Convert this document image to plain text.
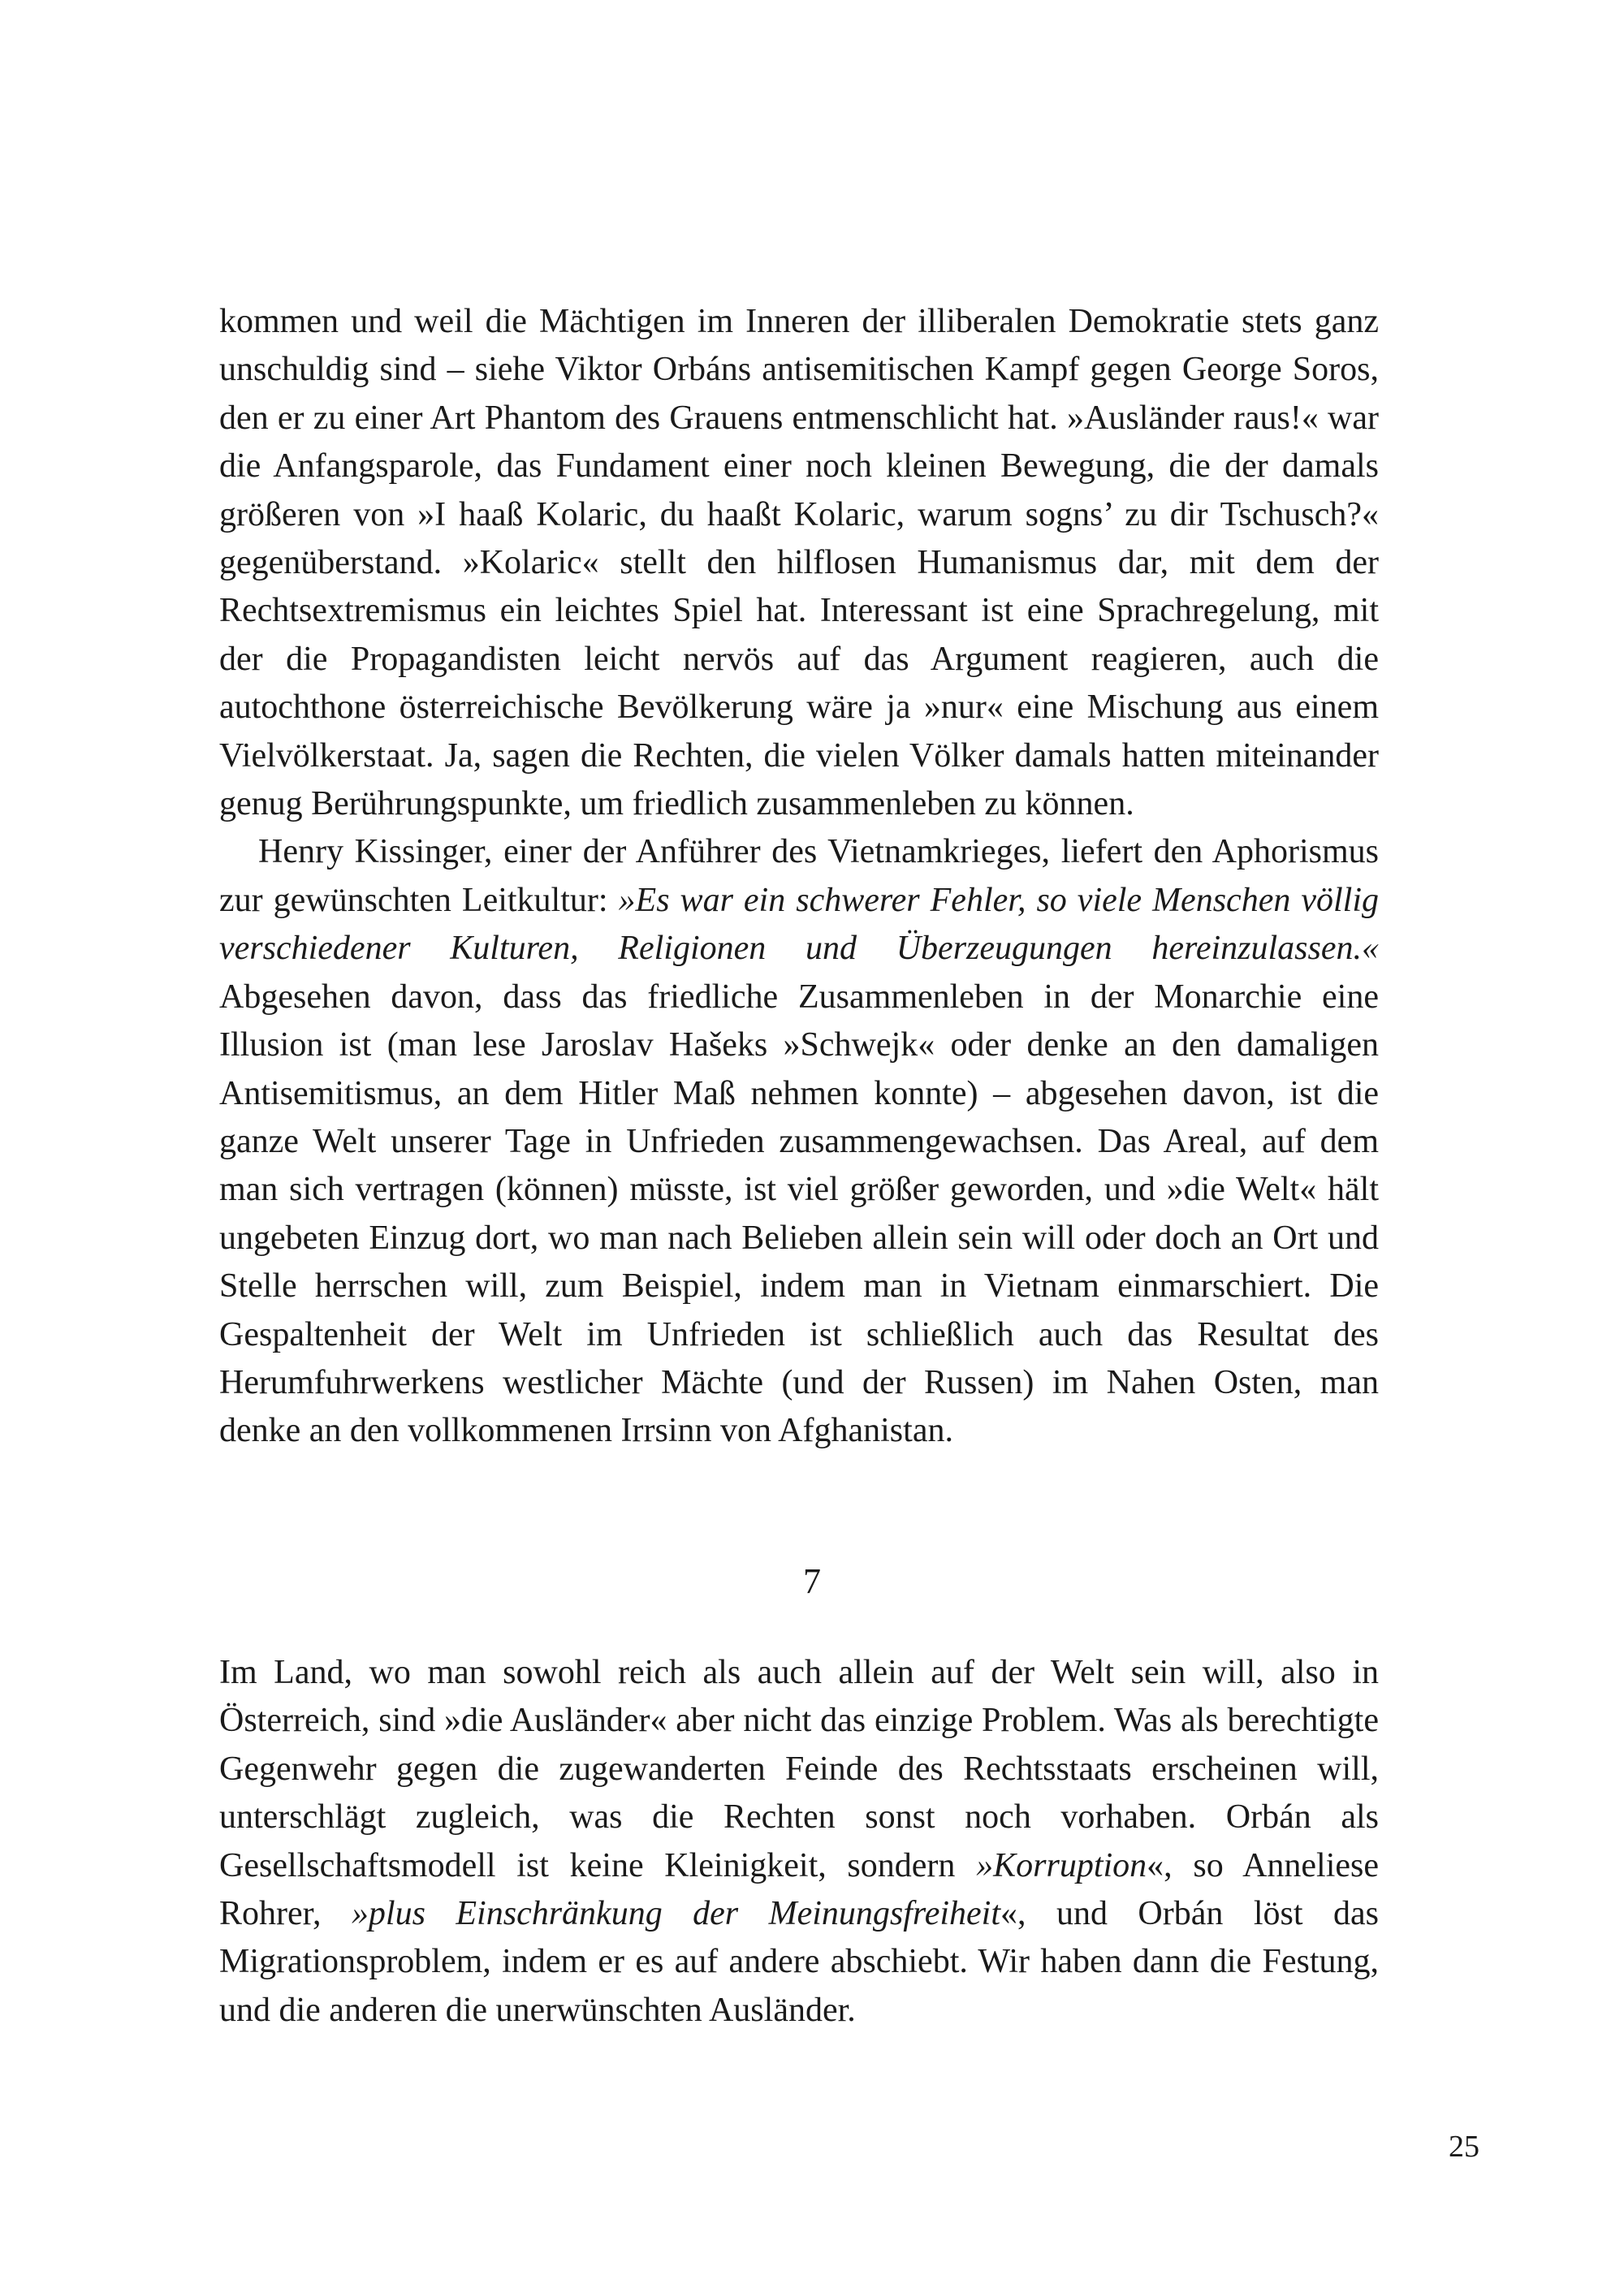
kommen und weil die Mächtigen im Inneren der illiberalen Demokratie stets ganz unschuldig sind – siehe Viktor Orbáns antisemitischen Kampf gegen George Soros, den er zu einer Art Phantom des Grauens entmenschlicht hat. »Ausländer raus!« war die Anfangsparole, das Fundament einer noch kleinen Bewegung, die der damals größeren von »I haaß Kolaric, du haaßt Kolaric, warum sogns’ zu dir Tschusch?« gegenüberstand. »Kolaric« stellt den hilflosen Humanismus dar, mit dem der Rechtsextremismus ein leichtes Spiel hat. Interessant ist eine Sprachregelung, mit der die Propagandisten leicht nervös auf das Argument reagieren, auch die autochthone österreichische Bevölkerung wäre ja »nur« eine Mischung aus einem Vielvölkerstaat. Ja, sagen die Rechten, die vielen Völker damals hatten miteinander genug Berührungspunkte, um friedlich zusammenleben zu können.

Henry Kissinger, einer der Anführer des Vietnamkrieges, liefert den Aphorismus zur gewünschten Leitkultur: »Es war ein schwerer Fehler, so viele Menschen völlig verschiedener Kulturen, Religionen und Überzeugungen hereinzulassen.« Abgesehen davon, dass das friedliche Zusammenleben in der Monarchie eine Illusion ist (man lese Jaroslav Hašeks »Schwejk« oder denke an den damaligen Antisemitismus, an dem Hitler Maß nehmen konnte) – abgesehen davon, ist die ganze Welt unserer Tage in Unfrieden zusammengewachsen. Das Areal, auf dem man sich vertragen (können) müsste, ist viel größer geworden, und »die Welt« hält ungebeten Einzug dort, wo man nach Belieben allein sein will oder doch an Ort und Stelle herrschen will, zum Beispiel, indem man in Vietnam einmarschiert. Die Gespaltenheit der Welt im Unfrieden ist schließlich auch das Resultat des Herumfuhrwerkens westlicher Mächte (und der Russen) im Nahen Osten, man denke an den vollkommenen Irrsinn von Afghanistan.

7

Im Land, wo man sowohl reich als auch allein auf der Welt sein will, also in Österreich, sind »die Ausländer« aber nicht das einzige Problem. Was als berechtigte Gegenwehr gegen die zugewanderten Feinde des Rechtsstaats erscheinen will, unterschlägt zugleich, was die Rechten sonst noch vorhaben. Orbán als Gesellschaftsmodell ist keine Kleinigkeit, sondern »Korruption«, so Anneliese Rohrer, »plus Einschränkung der Meinungsfreiheit«, und Orbán löst das Migrationsproblem, indem er es auf andere abschiebt. Wir haben dann die Festung, und die anderen die unerwünschten Ausländer.

25
